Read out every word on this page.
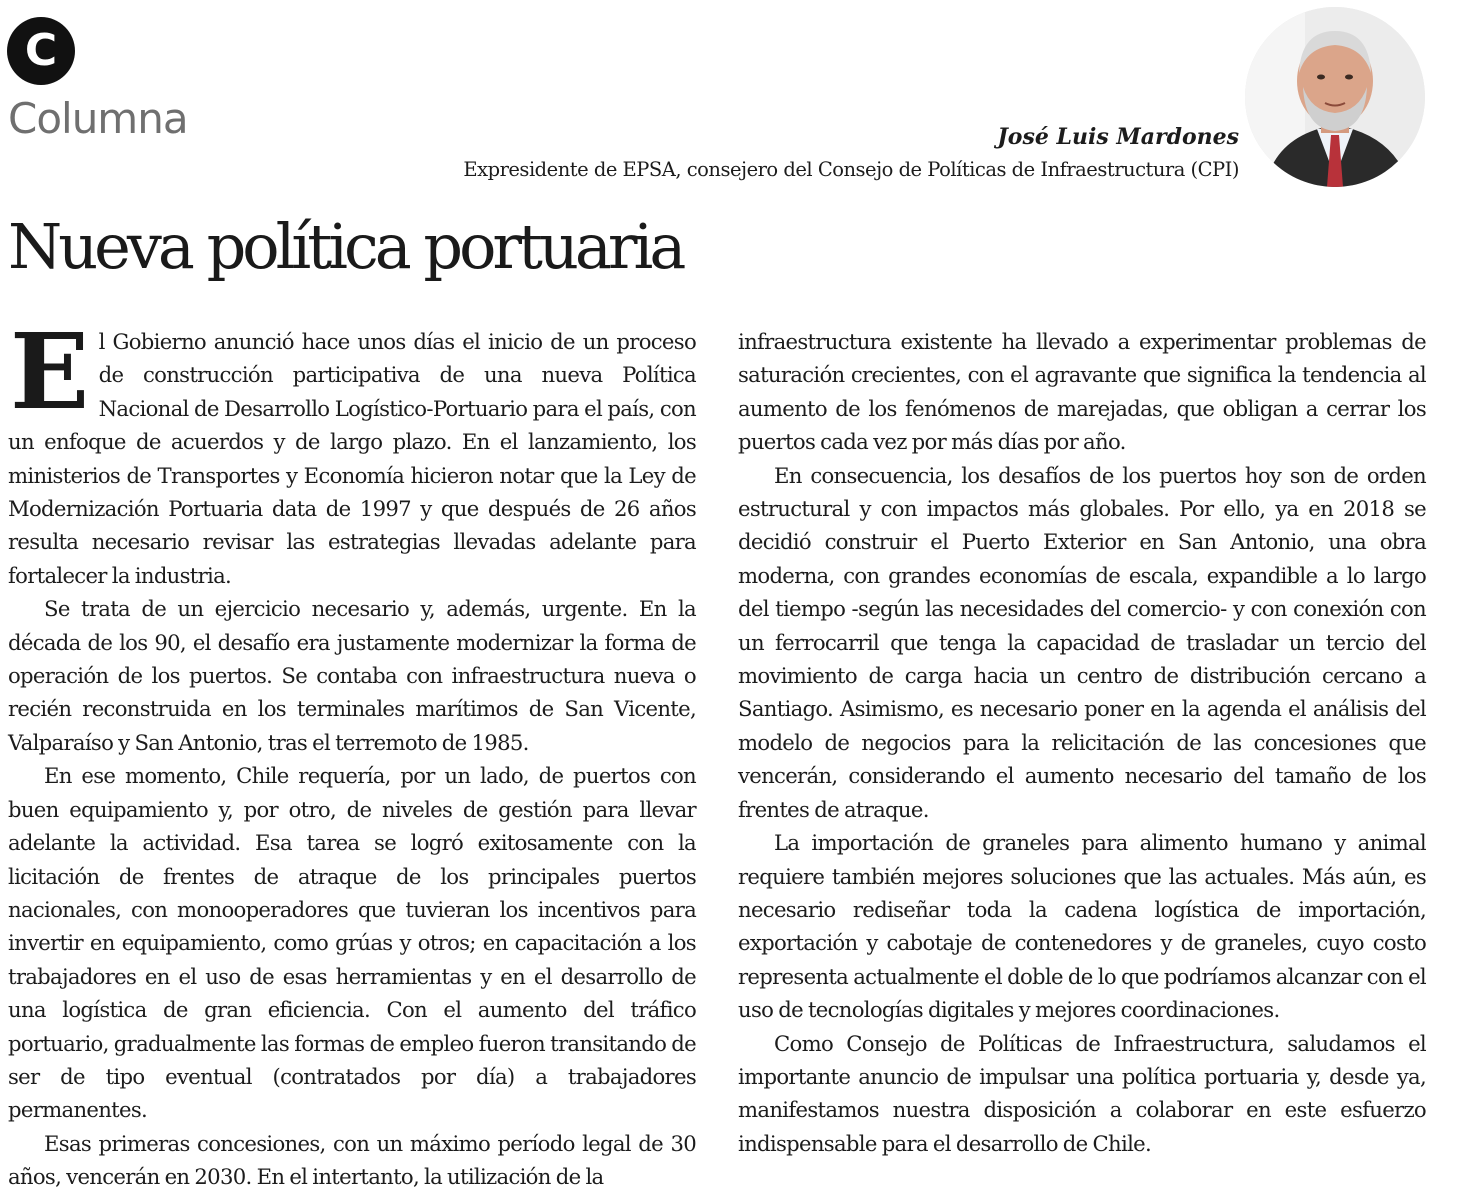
C
Columna	José Luis Mardones
Expresidente de EPSA, consejero del Consejo de Políticas de Infraestructura (CPI)
Nueva política portuaria

El Gobierno anunció hace unos días el inicio de un proceso de construcción participativa de una nueva Política Nacional de Desarrollo Logístico-Portuario para el país, con un enfoque de acuerdos y de largo plazo. En el lanzamiento, los ministerios de Transportes y Economía hicieron notar que la Ley de Modernización Portuaria data de 1997 y que después de 26 años resulta necesario revisar las estrategias llevadas adelante para fortalecer la industria.

Se trata de un ejercicio necesario y, además, urgente. En la década de los 90, el desafío era justamente modernizar la forma de operación de los puertos. Se contaba con infraestructura nueva o recién reconstruida en los terminales marítimos de San Vicente, Valparaíso y San Antonio, tras el terremoto de 1985.

En ese momento, Chile requería, por un lado, de puertos con buen equipamiento y, por otro, de niveles de gestión para llevar adelante la actividad. Esa tarea se logró exitosamente con la licitación de frentes de atraque de los principales puertos nacionales, con monooperadores que tuvieran los incentivos para invertir en equipamiento, como grúas y otros; en capacitación a los trabajadores en el uso de esas herramientas y en el desarrollo de una logística de gran eficiencia. Con el aumento del tráfico portuario, gradualmente las formas de empleo fueron transitando de ser de tipo eventual (contratados por día) a trabajadores permanentes.

Esas primeras concesiones, con un máximo período legal de 30 años, vencerán en 2030. En el intertanto, la utilización de la

infraestructura existente ha llevado a experimentar problemas de saturación crecientes, con el agravante que significa la tendencia al aumento de los fenómenos de marejadas, que obligan a cerrar los puertos cada vez por más días por año.

En consecuencia, los desafíos de los puertos hoy son de orden estructural y con impactos más globales. Por ello, ya en 2018 se decidió construir el Puerto Exterior en San Antonio, una obra moderna, con grandes economías de escala, expandible a lo largo del tiempo -según las necesidades del comercio- y con conexión con un ferrocarril que tenga la capacidad de trasladar un tercio del movimiento de carga hacia un centro de distribución cercano a Santiago. Asimismo, es necesario poner en la agenda el análisis del modelo de negocios para la relicitación de las concesiones que vencerán, considerando el aumento necesario del tamaño de los frentes de atraque.

La importación de graneles para alimento humano y animal requiere también mejores soluciones que las actuales. Más aún, es necesario rediseñar toda la cadena logística de importación, exportación y cabotaje de contenedores y de graneles, cuyo costo representa actualmente el doble de lo que podríamos alcanzar con el uso de tecnologías digitales y mejores coordinaciones.

Como Consejo de Políticas de Infraestructura, saludamos el importante anuncio de impulsar una política portuaria y, desde ya, manifestamos nuestra disposición a colaborar en este esfuerzo indispensable para el desarrollo de Chile.
